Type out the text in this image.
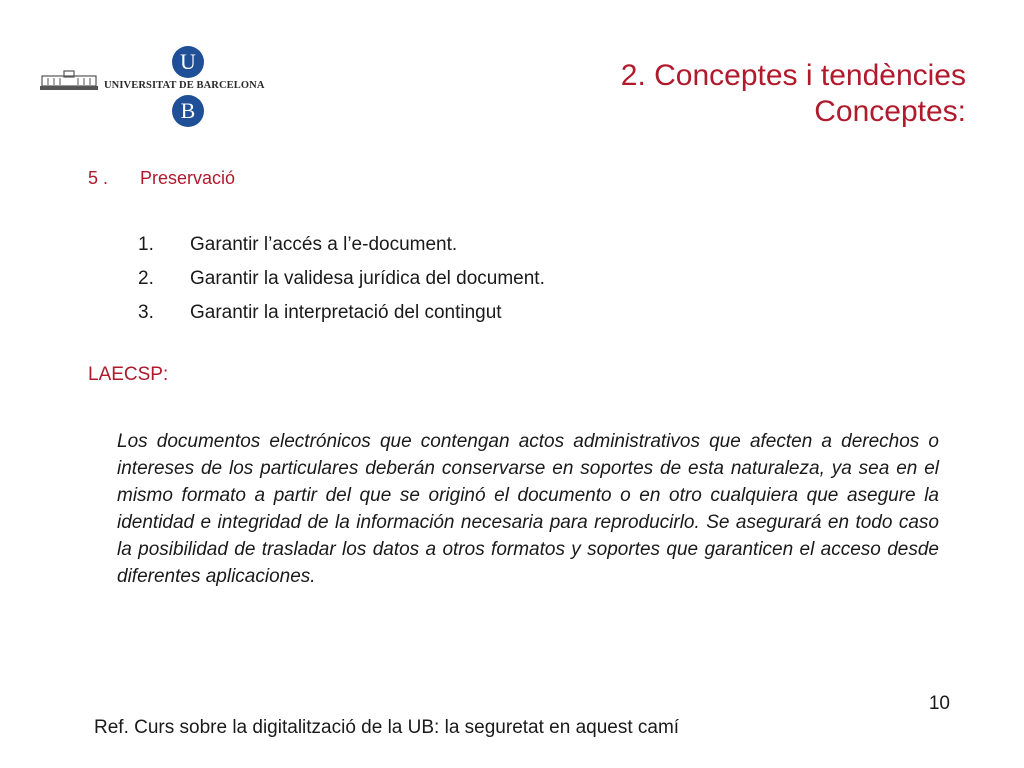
UNIVERSITAT DE BARCELONA
U
B
2. Conceptes i tendències
Conceptes:
5 . Preservació
1.	Garantir l’accés a l’e-document.
2.	Garantir la validesa jurídica del document.
3.	Garantir la interpretació del contingut
LAECSP:

Los documentos electrónicos que contengan actos administrativos que afecten a derechos o intereses de los particulares deberán conservarse en soportes de esta naturaleza, ya sea en el mismo formato a partir del que se originó el documento o en otro cualquiera que asegure la identidad e integridad de la información necesaria para reproducirlo. Se asegurará en todo caso la posibilidad de trasladar los datos a otros formatos y soportes que garanticen el acceso desde diferentes aplicaciones.

10
Ref. Curs sobre la digitalització de la UB: la seguretat en aquest camí
